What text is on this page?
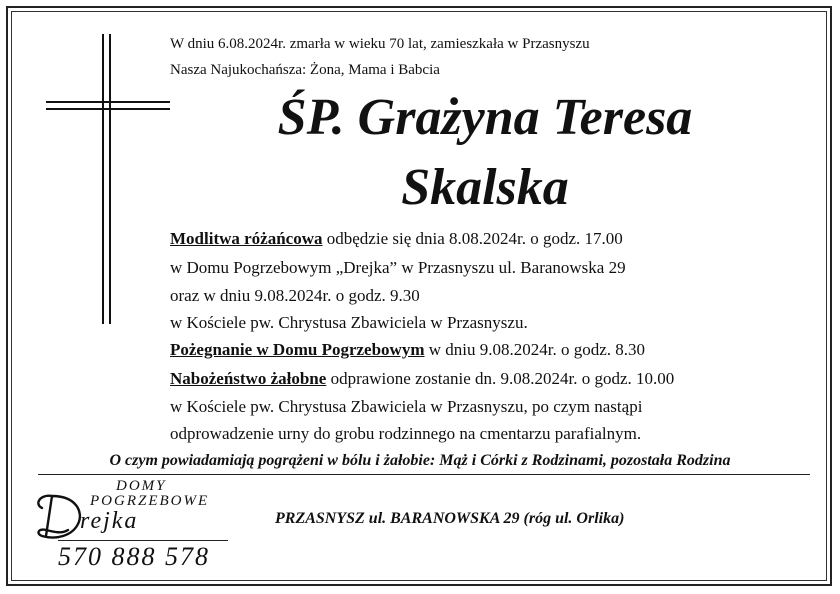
W dniu 6.08.2024r. zmarła w wieku 70 lat, zamieszkała w Przasnyszu
Nasza Najukochańsza: Żona, Mama i Babcia
ŚP. Grażyna Teresa
Skalska
Modlitwa różańcowa odbędzie się dnia 8.08.2024r. o godz. 17.00
w Domu Pogrzebowym „Drejka” w Przasnyszu ul. Baranowska 29
oraz w dniu 9.08.2024r. o godz. 9.30
w Kościele pw. Chrystusa Zbawiciela w Przasnyszu.
Pożegnanie w Domu Pogrzebowym w dniu 9.08.2024r. o godz. 8.30
Nabożeństwo żałobne odprawione zostanie dn. 9.08.2024r. o godz. 10.00
w Kościele pw. Chrystusa Zbawiciela w Przasnyszu, po czym nastąpi
odprowadzenie urny do grobu rodzinnego na cmentarzu parafialnym.
O czym powiadamiają pogrążeni w bólu i żałobie: Mąż i Córki z Rodzinami, pozostała Rodzina
DOMY
POGRZEBOWE
rejka
570 888 578
PRZASNYSZ ul. BARANOWSKA 29 (róg ul. Orlika)
